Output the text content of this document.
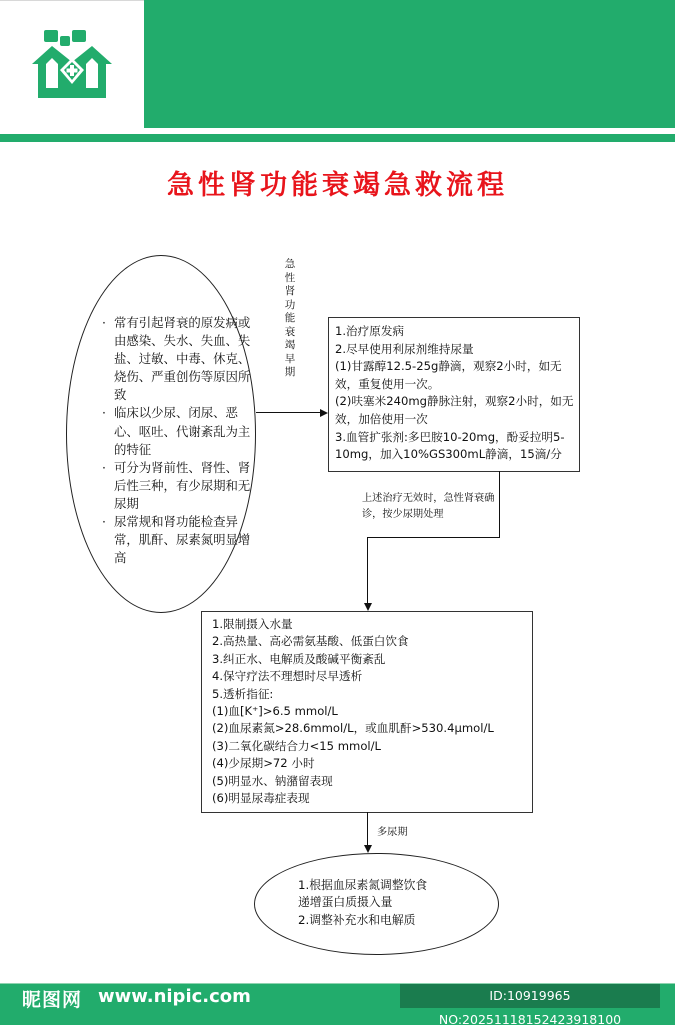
急性肾功能衰竭急救流程
· 常有引起肾衰的原发病或由感染、失水、失血、失盐、过敏、中毒、休克、烧伤、严重创伤等原因所致
· 临床以少尿、闭尿、恶心、呕吐、代谢紊乱为主的特征
· 可分为肾前性、肾性、肾后性三种，有少尿期和无尿期
· 尿常规和肾功能检查异常，肌酐、尿素氮明显增高
急性肾功能衰竭早期
1.治疗原发病
2.尽早使用利尿剂维持尿量
(1)甘露醇12.5-25g静滴，观察2小时，如无效，重复使用一次。
(2)呋塞米240mg静脉注射，观察2小时，如无效，加倍使用一次
3.血管扩张剂:多巴胺10-20mg，酚妥拉明5-10mg，加入10%GS300mL静滴，15滴/分
上述治疗无效时，急性肾衰确诊，按少尿期处理
1.限制摄入水量
2.高热量、高必需氨基酸、低蛋白饮食
3.纠正水、电解质及酸碱平衡紊乱
4.保守疗法不理想时尽早透析
5.透析指征:
(1)血[K⁺]>6.5 mmol/L
(2)血尿素氮>28.6mmol/L，或血肌酐>530.4μmol/L
(3)二氧化碳结合力<15 mmol/L
(4)少尿期>72 小时
(5)明显水、钠潴留表现
(6)明显尿毒症表现
多尿期
1.根据血尿素氮调整饮食
递增蛋白质摄入量
2.调整补充水和电解质
昵图网 www.nipic.com	ID:10919965 NO:20251118152423918100
